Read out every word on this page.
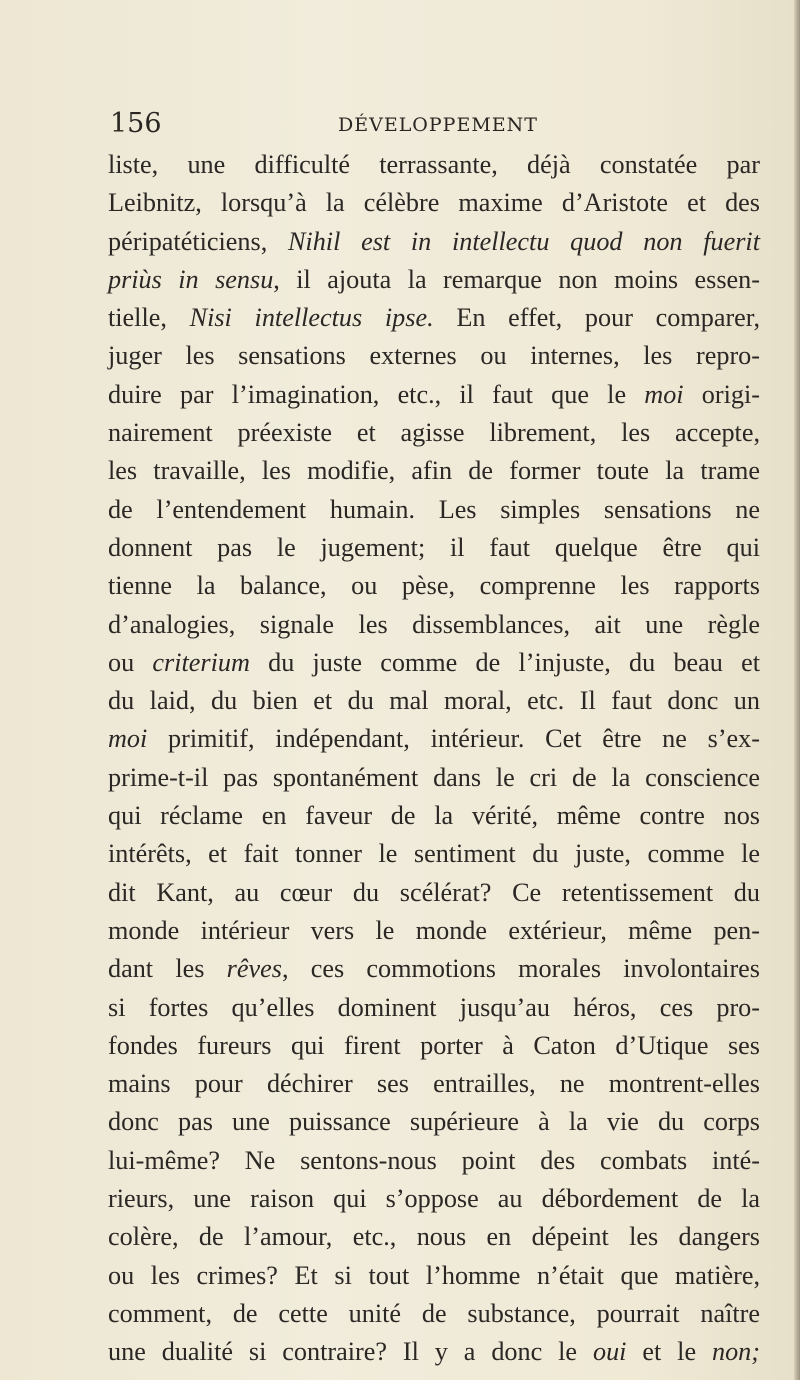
156	DÉVELOPPEMENT
liste, une difficulté terrassante, déjà constatée par
Leibnitz, lorsqu’à la célèbre maxime d’Aristote et des
péripatéticiens, Nihil est in intellectu quod non fuerit
priùs in sensu, il ajouta la remarque non moins essen-
tielle, Nisi intellectus ipse. En effet, pour comparer,
juger les sensations externes ou internes, les repro-
duire par l’imagination, etc., il faut que le moi origi-
nairement préexiste et agisse librement, les accepte,
les travaille, les modifie, afin de former toute la trame
de l’entendement humain. Les simples sensations ne
donnent pas le jugement; il faut quelque être qui
tienne la balance, ou pèse, comprenne les rapports
d’analogies, signale les dissemblances, ait une règle
ou criterium du juste comme de l’injuste, du beau et
du laid, du bien et du mal moral, etc. Il faut donc un
moi primitif, indépendant, intérieur. Cet être ne s’ex-
prime-t-il pas spontanément dans le cri de la conscience
qui réclame en faveur de la vérité, même contre nos
intérêts, et fait tonner le sentiment du juste, comme le
dit Kant, au cœur du scélérat? Ce retentissement du
monde intérieur vers le monde extérieur, même pen-
dant les rêves, ces commotions morales involontaires
si fortes qu’elles dominent jusqu’au héros, ces pro-
fondes fureurs qui firent porter à Caton d’Utique ses
mains pour déchirer ses entrailles, ne montrent-elles
donc pas une puissance supérieure à la vie du corps
lui-même? Ne sentons-nous point des combats inté-
rieurs, une raison qui s’oppose au débordement de la
colère, de l’amour, etc., nous en dépeint les dangers
ou les crimes? Et si tout l’homme n’était que matière,
comment, de cette unité de substance, pourrait naître
une dualité si contraire? Il y a donc le oui et le non;
